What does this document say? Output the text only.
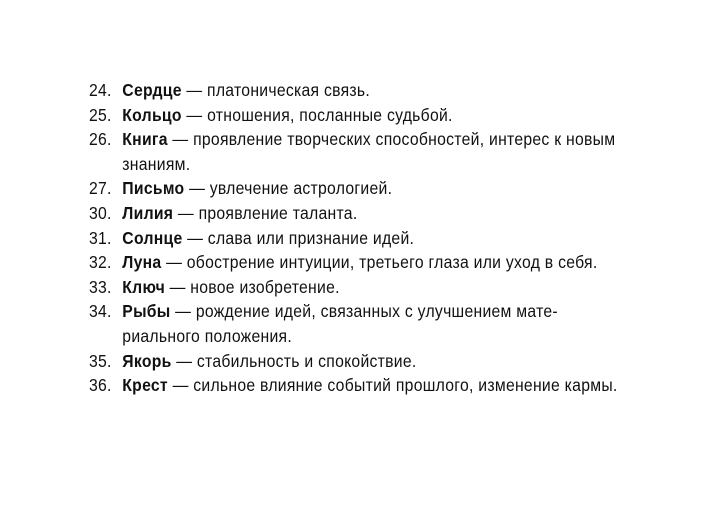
24. Сердце — платоническая связь.
25. Кольцо — отношения, посланные судьбой.
26. Книга — проявление творческих способностей, интерес к новым знаниям.
27. Письмо — увлечение астрологией.
30. Лилия — проявление таланта.
31. Солнце — слава или признание идей.
32. Луна — обострение интуиции, третьего глаза или уход в себя.
33. Ключ — новое изобретение.
34. Рыбы — рождение идей, связанных с улучшением мате-риального положения.
35. Якорь — стабильность и спокойствие.
36. Крест — сильное влияние событий прошлого, изменение кармы.
